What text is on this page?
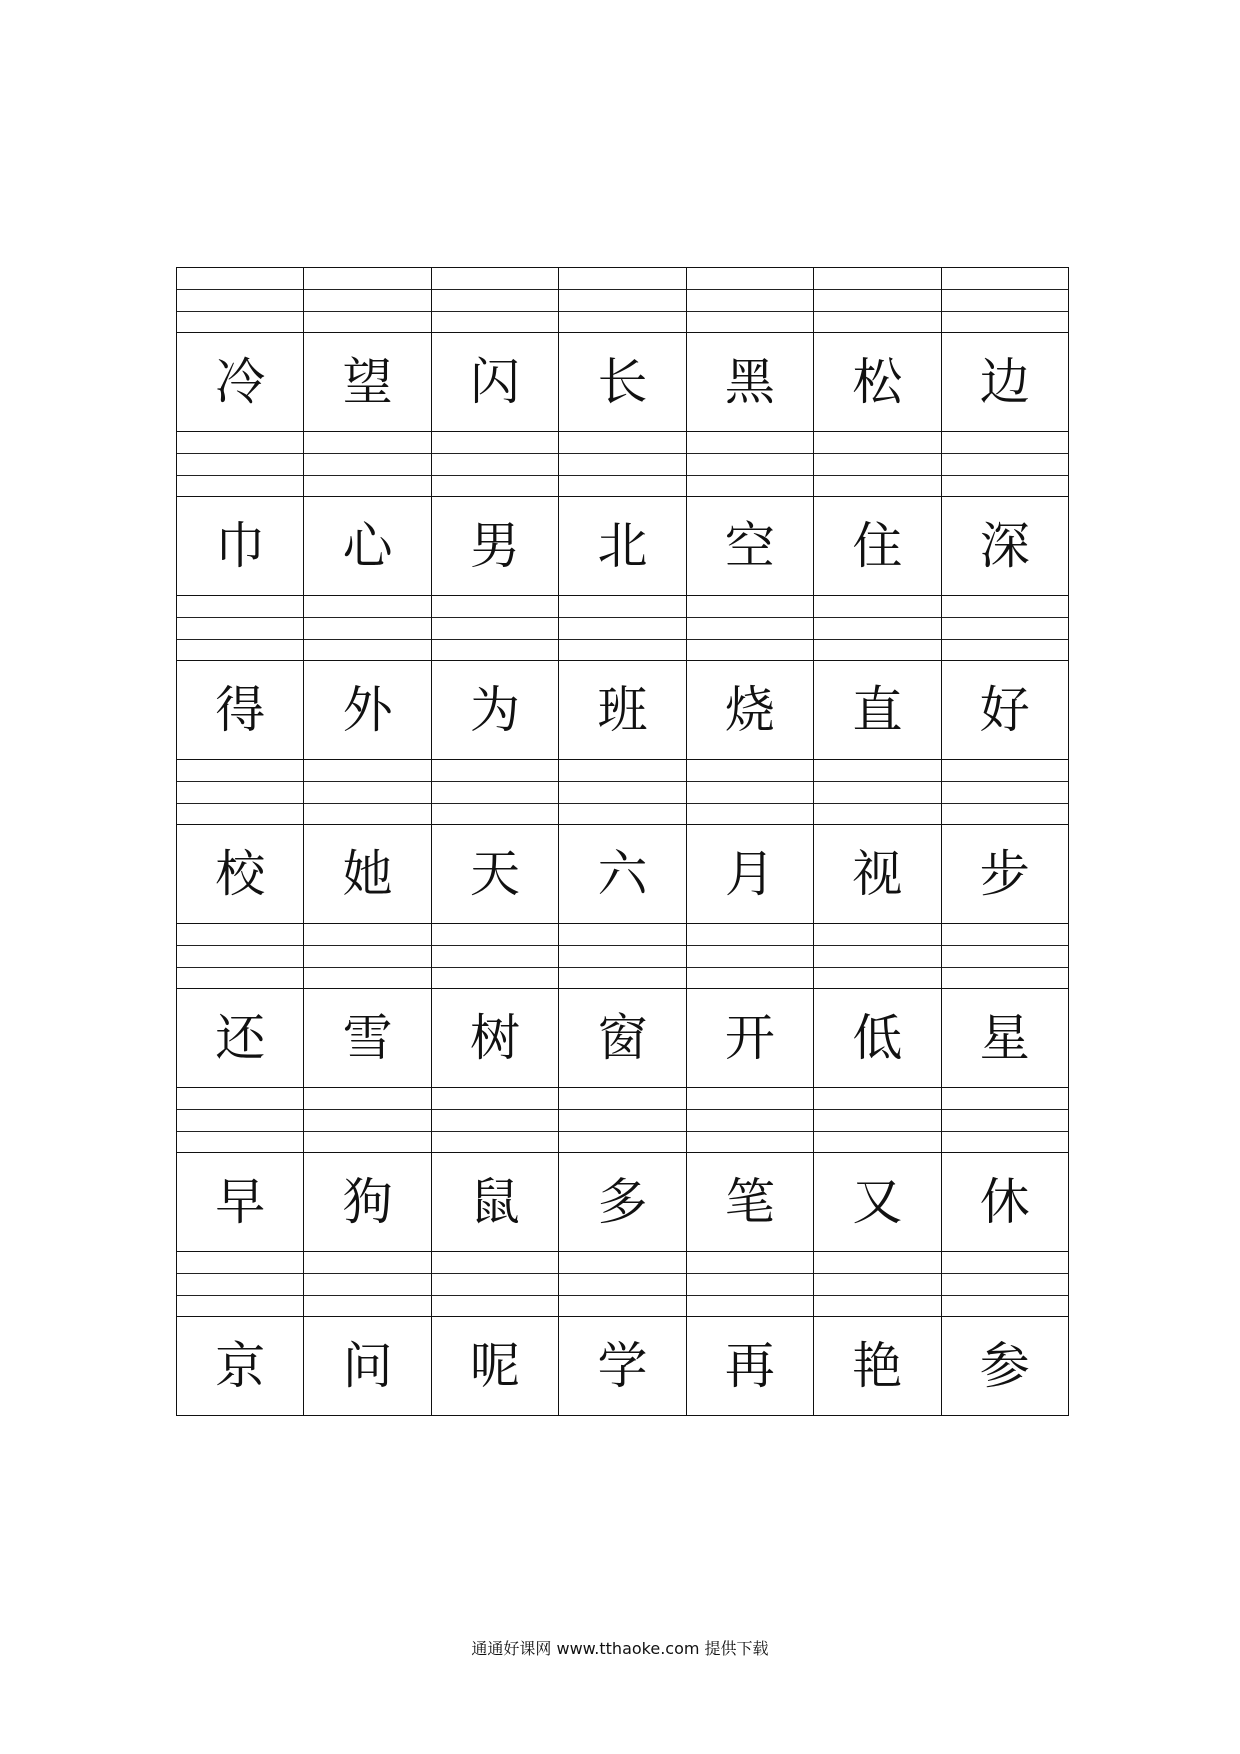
冷	望	闪	长	黑	松	边

巾	心	男	北	空	住	深

得	外	为	班	烧	直	好

校	她	天	六	月	视	步

还	雪	树	窗	开	低	星

早	狗	鼠	多	笔	又	休

京	问	呢	学	再	艳	参
通通好课网 www.tthaoke.com 提供下载
